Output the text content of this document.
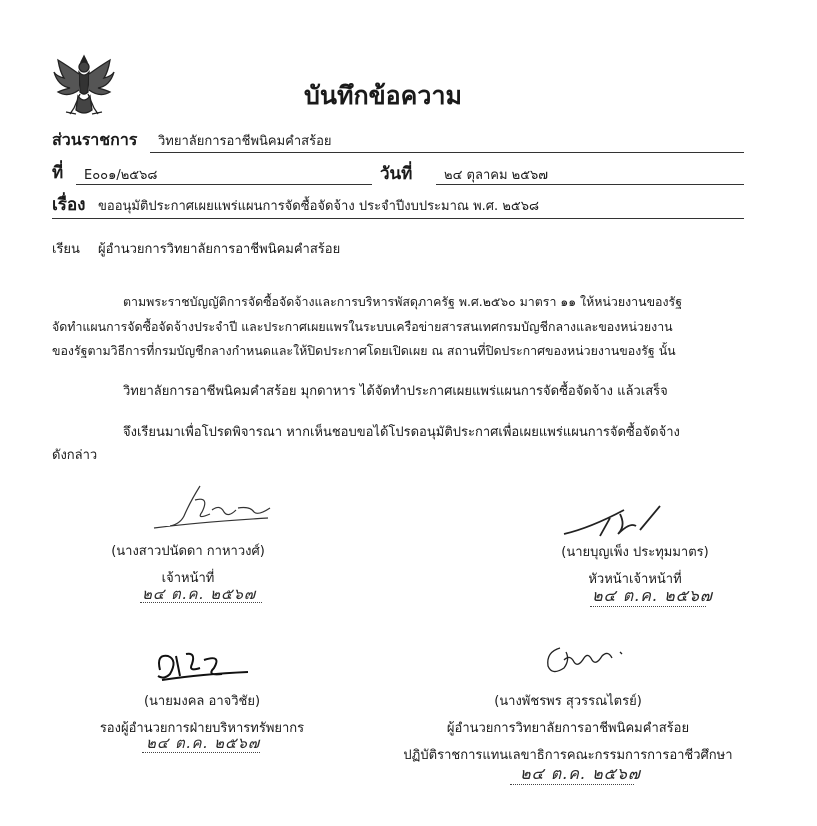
บันทึกข้อความ
ส่วนราชการ วิทยาลัยการอาชีพนิคมคำสร้อย
ที่ E๐๐๑/๒๕๖๘	วันที่ ๒๔ ตุลาคม ๒๕๖๗
เรื่อง ขออนุมัติประกาศเผยแพร่แผนการจัดซื้อจัดจ้าง ประจำปีงบประมาณ พ.ศ. ๒๕๖๘
เรียน ผู้อำนวยการวิทยาลัยการอาชีพนิคมคำสร้อย
ตามพระราชบัญญัติการจัดซื้อจัดจ้างและการบริหารพัสดุภาครัฐ พ.ศ.๒๕๖๐ มาตรา ๑๑ ให้หน่วยงานของรัฐ
จัดทำแผนการจัดซื้อจัดจ้างประจำปี และประกาศเผยแพรในระบบเครือข่ายสารสนเทศกรมบัญชีกลางและของหน่วยงาน
ของรัฐตามวิธีการที่กรมบัญชีกลางกำหนดและให้ปิดประกาศโดยเปิดเผย ณ สถานที่ปิดประกาศของหน่วยงานของรัฐ นั้น
วิทยาลัยการอาชีพนิคมคำสร้อย มุกดาหาร ได้จัดทำประกาศเผยแพร่แผนการจัดซื้อจัดจ้าง แล้วเสร็จ
จึงเรียนมาเพื่อโปรดพิจารณา หากเห็นชอบขอได้โปรดอนุมัติประกาศเพื่อเผยแพร่แผนการจัดซื้อจัดจ้าง
ดังกล่าว
(นางสาวปนัดดา กาหาวงศ์)
เจ้าหน้าที่
๒๔ ต.ค. ๒๕๖๗
(นายบุญเพ็ง ประทุมมาตร)
หัวหน้าเจ้าหน้าที่
๒๔ ต.ค. ๒๕๖๗
(นายมงคล อาจวิชัย)
รองผู้อำนวยการฝ่ายบริหารทรัพยากร
๒๔ ต.ค. ๒๕๖๗
(นางพัชรพร สุวรรณไตรย์)
ผู้อำนวยการวิทยาลัยการอาชีพนิคมคำสร้อย
ปฏิบัติราชการแทนเลขาธิการคณะกรรมการการอาชีวศึกษา
๒๔ ต.ค. ๒๕๖๗
